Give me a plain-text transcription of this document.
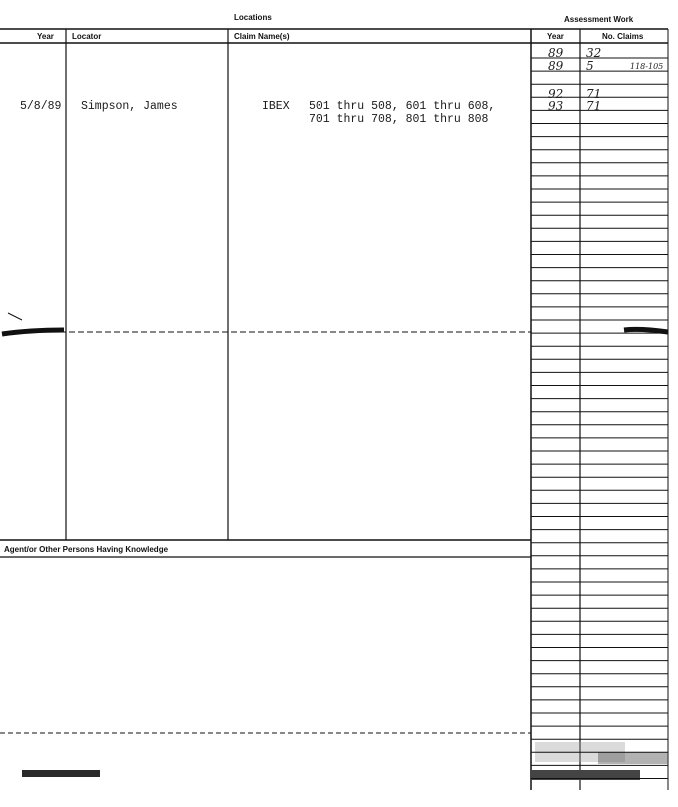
Locations	Assessment Work
Year Locator	Claim Name(s)	Year	No. Claims
Agent/or Other Persons Having Knowledge
5/8/89 Simpson, James	IBEX 501 thru 508, 601 thru 608,
701 thru 708, 801 thru 808
89 32
89 5	118-105
92 71
93 71
